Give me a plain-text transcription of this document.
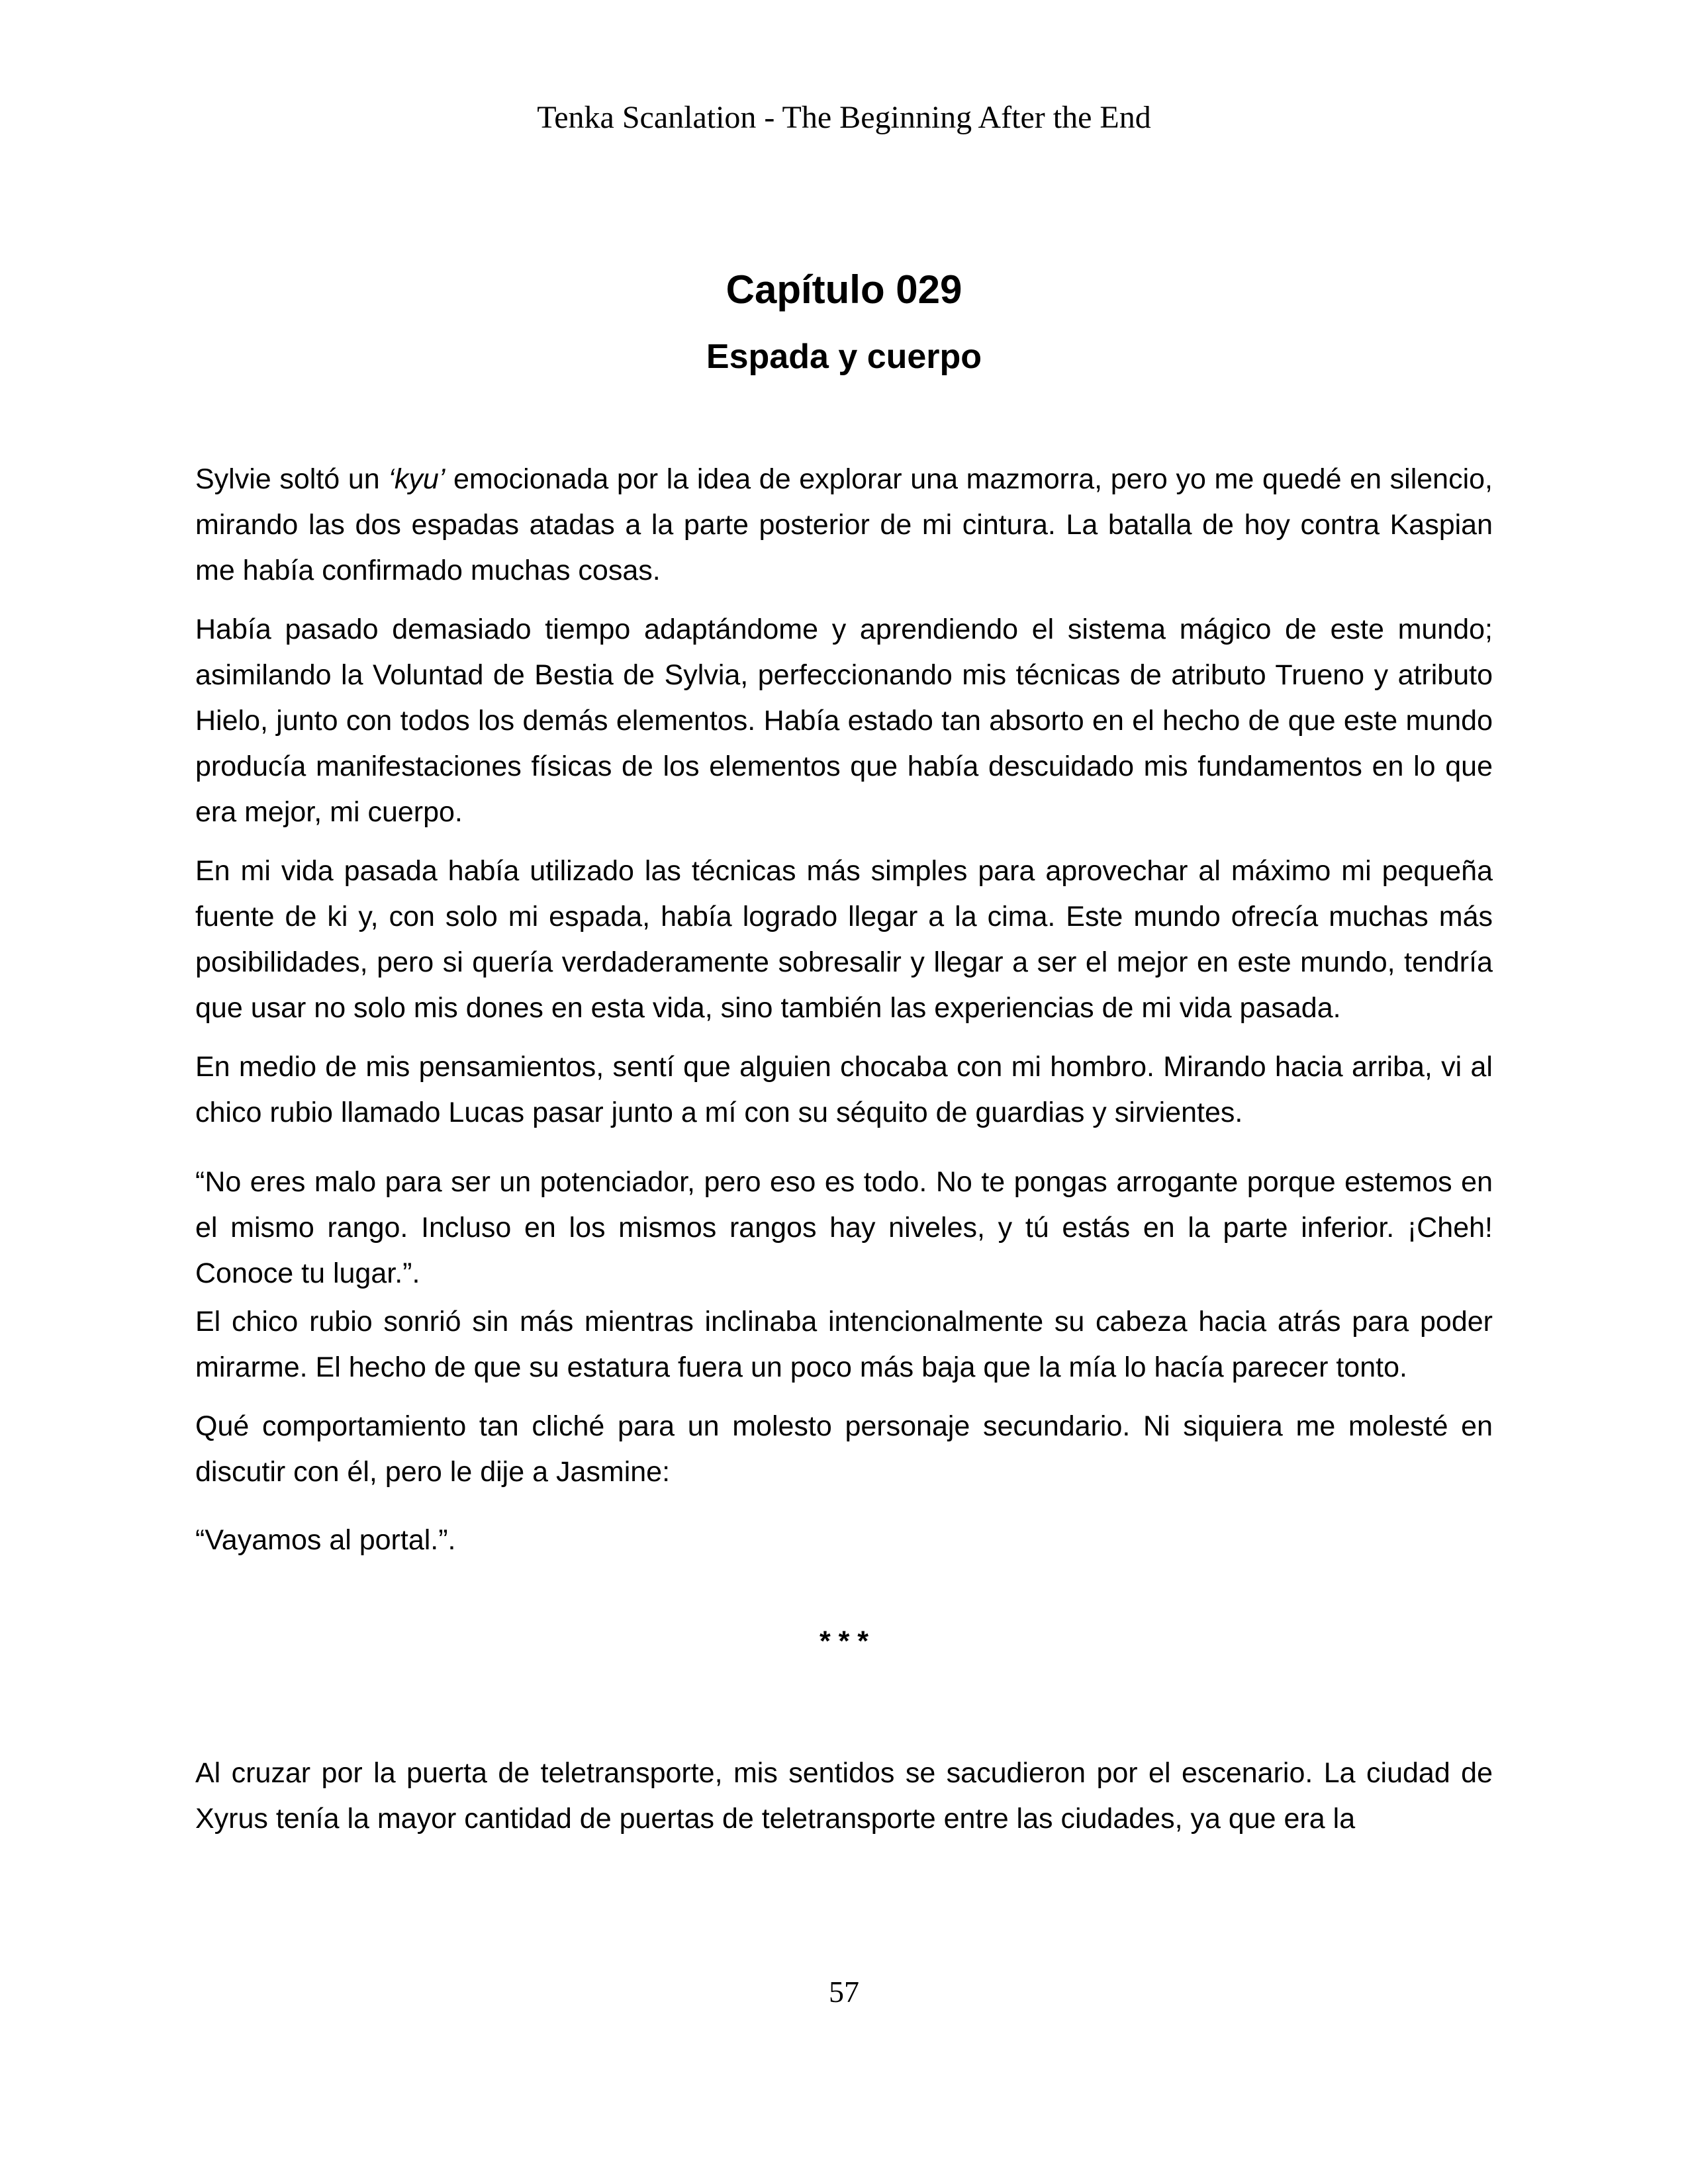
Tenka Scanlation - The Beginning After the End
Capítulo 029
Espada y cuerpo

Sylvie soltó un ‘kyu’ emocionada por la idea de explorar una mazmorra, pero yo me quedé en silencio, mirando las dos espadas atadas a la parte posterior de mi cintura. La batalla de hoy contra Kaspian me había confirmado muchas cosas.

Había pasado demasiado tiempo adaptándome y aprendiendo el sistema mágico de este mundo; asimilando la Voluntad de Bestia de Sylvia, perfeccionando mis técnicas de atributo Trueno y atributo Hielo, junto con todos los demás elementos. Había estado tan absorto en el hecho de que este mundo producía manifestaciones físicas de los elementos que había descuidado mis fundamentos en lo que era mejor, mi cuerpo.

En mi vida pasada había utilizado las técnicas más simples para aprovechar al máximo mi pequeña fuente de ki y, con solo mi espada, había logrado llegar a la cima. Este mundo ofrecía muchas más posibilidades, pero si quería verdaderamente sobresalir y llegar a ser el mejor en este mundo, tendría que usar no solo mis dones en esta vida, sino también las experiencias de mi vida pasada.

En medio de mis pensamientos, sentí que alguien chocaba con mi hombro. Mirando hacia arriba, vi al chico rubio llamado Lucas pasar junto a mí con su séquito de guardias y sirvientes.

“No eres malo para ser un potenciador, pero eso es todo. No te pongas arrogante porque estemos en el mismo rango. Incluso en los mismos rangos hay niveles, y tú estás en la parte inferior. ¡Cheh! Conoce tu lugar.”.

El chico rubio sonrió sin más mientras inclinaba intencionalmente su cabeza hacia atrás para poder mirarme. El hecho de que su estatura fuera un poco más baja que la mía lo hacía parecer tonto.

Qué comportamiento tan cliché para un molesto personaje secundario. Ni siquiera me molesté en discutir con él, pero le dije a Jasmine:

“Vayamos al portal.”.

* * *

Al cruzar por la puerta de teletransporte, mis sentidos se sacudieron por el escenario. La ciudad de Xyrus tenía la mayor cantidad de puertas de teletransporte entre las ciudades, ya que era la

57
